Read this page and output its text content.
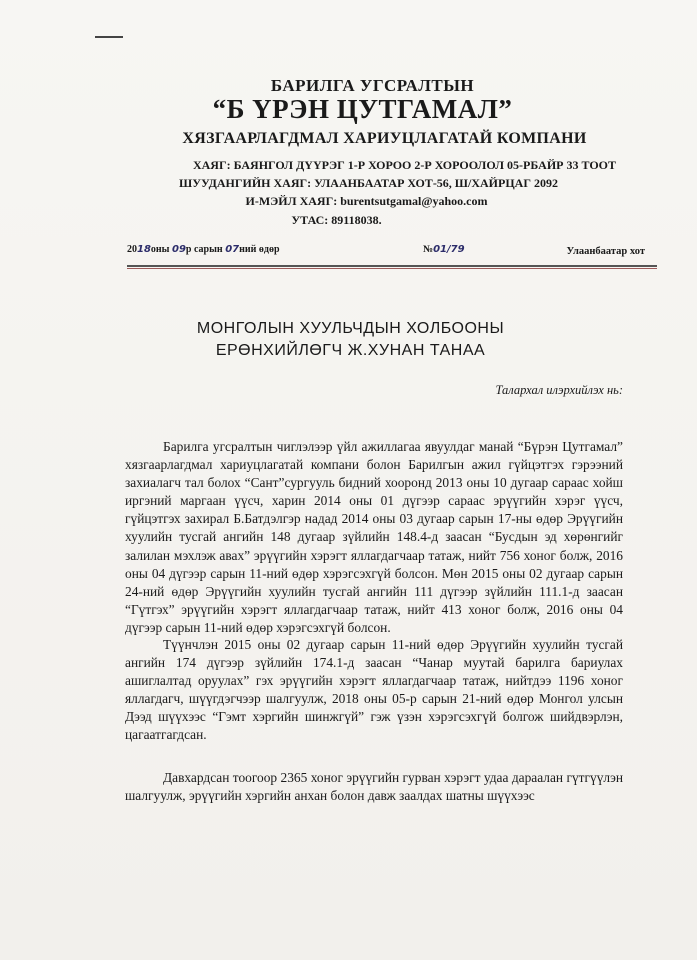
БАРИЛГА УГСРАЛТЫН
“Б ҮРЭН ЦУТГАМАЛ”
ХЯЗГААРЛАГДМАЛ ХАРИУЦЛАГАТАЙ КОМПАНИ
ХАЯГ: БАЯНГОЛ ДҮҮРЭГ 1-Р ХОРОО 2-Р ХОРООЛОЛ 05-РБАЙР 33 ТООТ
ШУУДАНГИЙН ХАЯГ: УЛААНБААТАР ХОТ-56, Ш/ХАЙРЦАГ 2092
И-МЭЙЛ ХАЯГ: burentsutgamal@yahoo.com
УТАС: 89118038.
2018оны 09р сарын 07ний өдөр	№01/79	Улаанбаатар хот
МОНГОЛЫН ХУУЛЬЧДЫН ХОЛБООНЫ
ЕРӨНХИЙЛӨГЧ Ж.ХУНАН ТАНАА
Талархал илэрхийлэх нь:
Барилга угсралтын чиглэлээр үйл ажиллагаа явуулдаг манай “Бүрэн Цутгамал” хязгаарлагдмал хариуцлагатай компани болон Барилгын ажил гүйцэтгэх гэрээний захиалагч тал болох “Сант”сургууль бидний хооронд 2013 оны 10 дугаар сараас хойш иргэний маргаан үүсч, харин 2014 оны 01 дүгээр сараас эрүүгийн хэрэг үүсч, гүйцэтгэх захирал Б.Батдэлгэр надад 2014 оны 03 дугаар сарын 17-ны өдөр Эрүүгийн хуулийн тусгай ангийн 148 дугаар зүйлийн 148.4-д заасан “Бусдын эд хөрөнгийг залилан мэхлэж авах” эрүүгийн хэрэгт яллагдагчаар татаж, нийт 756 хоног болж, 2016 оны 04 дүгээр сарын 11-ний өдөр хэрэгсэхгүй болсон. Мөн 2015 оны 02 дугаар сарын 24-ний өдөр Эрүүгийн хуулийн тусгай ангийн 111 дүгээр зүйлийн 111.1-д заасан “Гүтгэх” эрүүгийн хэрэгт яллагдагчаар татаж, нийт 413 хоног болж, 2016 оны 04 дүгээр сарын 11-ний өдөр хэрэгсэхгүй болсон.
Түүнчлэн 2015 оны 02 дугаар сарын 11-ний өдөр Эрүүгийн хуулийн тусгай ангийн 174 дүгээр зүйлийн 174.1-д заасан “Чанар муутай барилга бариулах ашиглалтад оруулах” гэх эрүүгийн хэрэгт яллагдагчаар татаж, нийтдээ 1196 хоног яллагдагч, шүүгдэгчээр шалгуулж, 2018 оны 05-р сарын 21-ний өдөр Монгол улсын Дээд шүүхээс “Гэмт хэргийн шинжгүй” гэж үзэн хэрэгсэхгүй болгож шийдвэрлэн, цагаатгагдсан.
Давхардсан тоогоор 2365 хоног эрүүгийн гурван хэрэгт удаа дараалан гүтгүүлэн шалгуулж, эрүүгийн хэргийн анхан болон давж заалдах шатны шүүхээс
